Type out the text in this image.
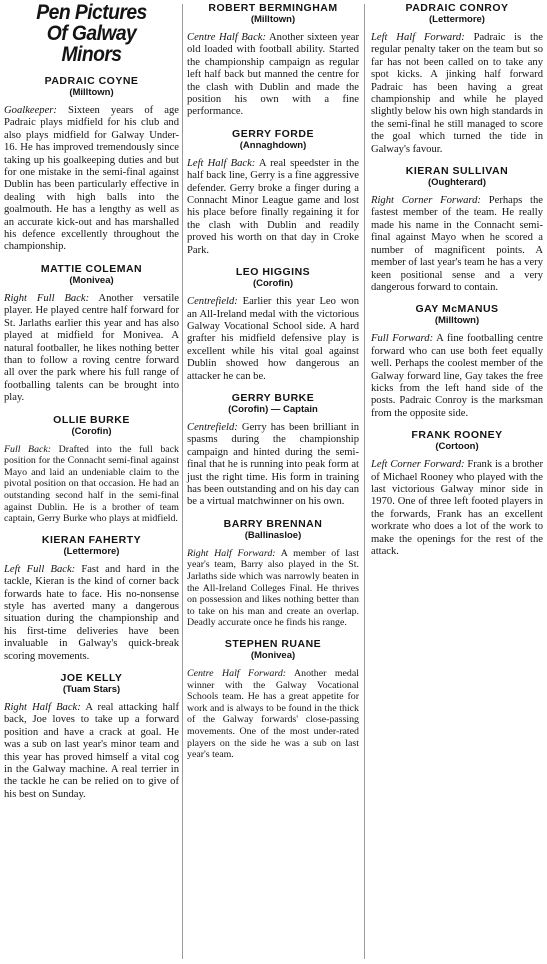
Pen Pictures
Of Galway
Minors
PADRAIC COYNE
(Milltown)

Goalkeeper: Sixteen years of age Padraic plays midfield for his club and also plays midfield for Galway Under-16. He has improved tremendously since taking up his goalkeeping duties and but for one mistake in the semi-final against Dublin has been particularly effective in dealing with high balls into the goalmouth. He has a lengthy as well as an accurate kick-out and has marshalled his defence excellently throughout the championship.

MATTIE COLEMAN
(Monivea)

Right Full Back: Another versatile player. He played centre half forward for St. Jarlaths earlier this year and has also played at midfield for Monivea. A natural footballer, he likes nothing better than to follow a roving centre forward all over the park where his full range of footballing talents can be brought into play.

OLLIE BURKE
(Corofin)

Full Back: Drafted into the full back position for the Connacht semi-final against Mayo and laid an undeniable claim to the pivotal position on that occasion. He had an outstanding second half in the semi-final against Dublin. He is a brother of team captain, Gerry Burke who plays at midfield.

KIERAN FAHERTY
(Lettermore)

Left Full Back: Fast and hard in the tackle, Kieran is the kind of corner back forwards hate to face. His no-nonsense style has averted many a dangerous situation during the championship and his first-time deliveries have been invaluable in Galway's quick-break scoring movements.

JOE KELLY
(Tuam Stars)

Right Half Back: A real attacking half back, Joe loves to take up a forward position and have a crack at goal. He was a sub on last year's minor team and this year has proved himself a vital cog in the Galway machine. A real terrier in the tackle he can be relied on to give of his best on Sunday.

ROBERT BERMINGHAM
(Milltown)

Centre Half Back: Another sixteen year old loaded with football ability. Started the championship campaign as regular left half back but manned the centre for the clash with Dublin and made the position his own with a fine performance.

GERRY FORDE
(Annaghdown)

Left Half Back: A real speedster in the half back line, Gerry is a fine aggressive defender. Gerry broke a finger during a Connacht Minor League game and lost his place before finally regaining it for the clash with Dublin and readily proved his worth on that day in Croke Park.

LEO HIGGINS
(Corofin)

Centrefield: Earlier this year Leo won an All-Ireland medal with the victorious Galway Vocational School side. A hard grafter his midfield defensive play is excellent while his vital goal against Dublin showed how dangerous an attacker he can be.

GERRY BURKE
(Corofin) — Captain

Centrefield: Gerry has been brilliant in spasms during the championship campaign and hinted during the semi-final that he is running into peak form at just the right time. His form in training has been outstanding and on his day can be a virtual matchwinner on his own.

BARRY BRENNAN
(Ballinasloe)

Right Half Forward: A member of last year's team, Barry also played in the St. Jarlaths side which was narrowly beaten in the All-Ireland Colleges Final. He thrives on possession and likes nothing better than to take on his man and create an overlap. Deadly accurate once he finds his range.

STEPHEN RUANE
(Monivea)

Centre Half Forward: Another medal winner with the Galway Vocational Schools team. He has a great appetite for work and is always to be found in the thick of the Galway forwards' close-passing movements. One of the most under-rated players on the side he was a sub on last year's team.

PADRAIC CONROY
(Lettermore)

Left Half Forward: Padraic is the regular penalty taker on the team but so far has not been called on to take any spot kicks. A jinking half forward Padraic has been having a great championship and while he played slightly below his own high standards in the semi-final he still managed to score the goal which turned the tide in Galway's favour.

KIERAN SULLIVAN
(Oughterard)

Right Corner Forward: Perhaps the fastest member of the team. He really made his name in the Connacht semi-final against Mayo when he scored a number of magnificent points. A member of last year's team he has a very keen positional sense and a very dangerous forward to contain.

GAY McMANUS
(Milltown)

Full Forward: A fine footballing centre forward who can use both feet equally well. Perhaps the coolest member of the Galway forward line, Gay takes the free kicks from the left hand side of the posts. Padraic Conroy is the marksman from the opposite side.

FRANK ROONEY
(Cortoon)

Left Corner Forward: Frank is a brother of Michael Rooney who played with the last victorious Galway minor side in 1970. One of three left footed players in the forwards, Frank has an excellent workrate who does a lot of the work to make the openings for the rest of the attack.
